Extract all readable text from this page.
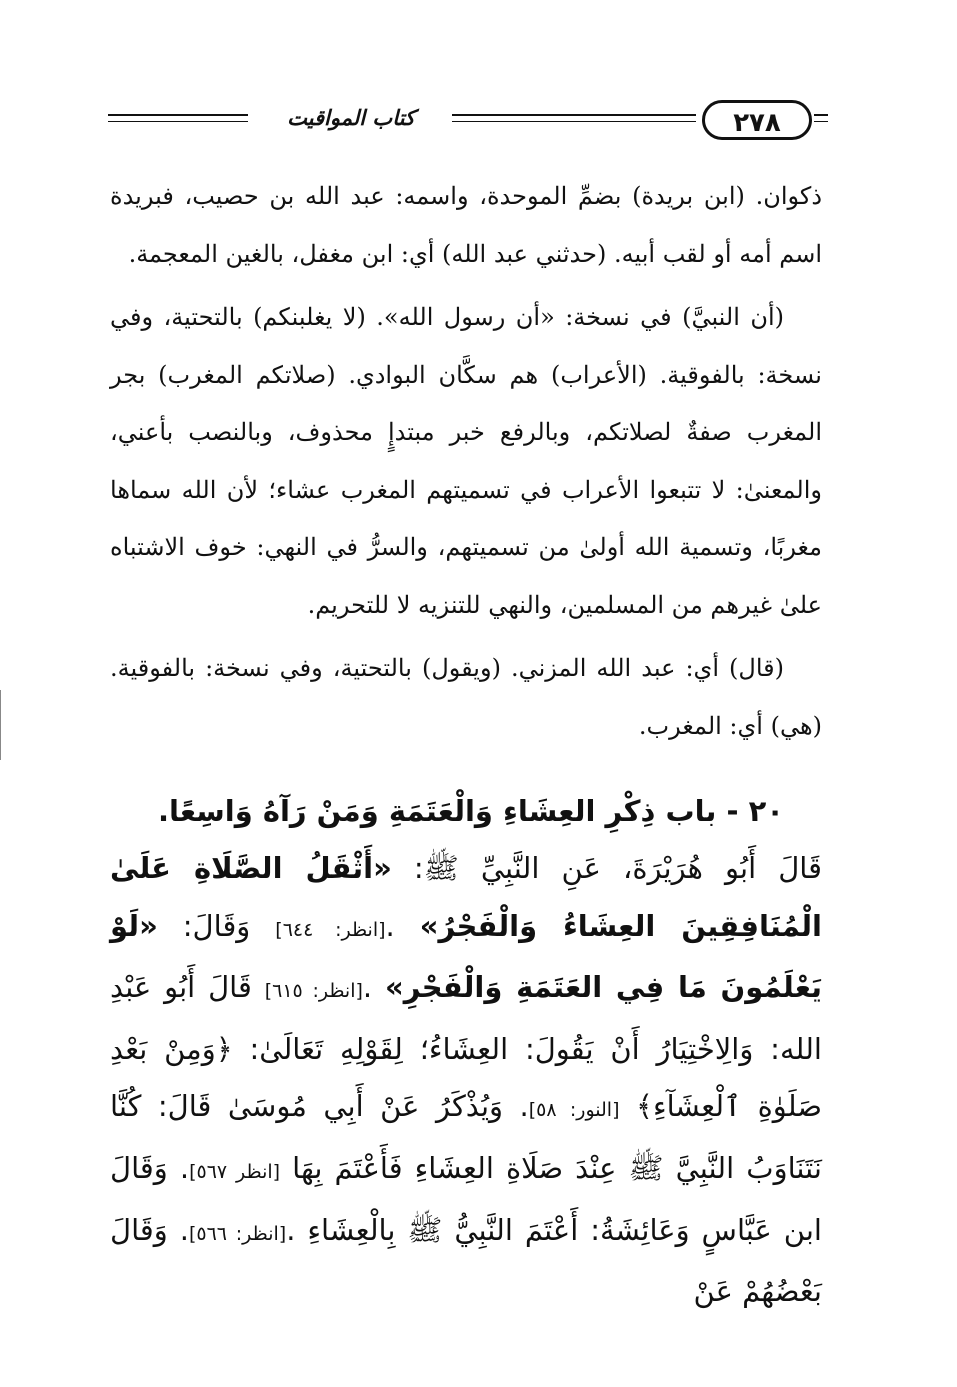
كتاب المواقيت	٢٧٨

ذكوان. (ابن بريدة) بضمِّ الموحدة، واسمه: عبد الله بن حصيب، فبريدة اسم أمه أو لقب أبيه. (حدثني عبد الله) أي: ابن مغفل، بالغين المعجمة.

(أن النبيَّ) في نسخة: «أن رسول الله». (لا يغلبنكم) بالتحتية، وفي نسخة: بالفوقية. (الأعراب) هم سكَّان البوادي. (صلاتكم المغرب) بجر المغرب صفةٌ لصلاتكم، وبالرفع خبر مبتدإٍ محذوف، وبالنصب بأعني، والمعنىٰ: لا تتبعوا الأعراب في تسميتهم المغرب عشاء؛ لأن الله سماها مغربًا، وتسمية الله أولىٰ من تسميتهم، والسرُّ في النهي: خوف الاشتباه علىٰ غيرهم من المسلمين، والنهي للتنزيه لا للتحريم.

(قال) أي: عبد الله المزني. (ويقول) بالتحتية، وفي نسخة: بالفوقية. (هي) أي: المغرب.

٢٠ - باب ذِكْرِ العِشَاءِ وَالْعَتَمَةِ وَمَنْ رَآهُ وَاسِعًا.
قَالَ أَبُو هُرَيْرَةَ، عَنِ النَّبِيِّ ﷺ: «أَثْقَلُ الصَّلَاةِ عَلَىٰ الْمُنَافِقِينَ العِشَاءُ وَالْفَجْرُ» .[انظر: ٦٤٤] وَقَالَ: «لَوْ يَعْلَمُونَ مَا فِي العَتَمَةِ وَالْفَجْرِ» .[انظر: ٦١٥] قَالَ أَبُو عَبْدِ الله: وَالِاخْتِيَارُ أَنْ يَقُولَ: العِشَاءُ؛ لِقَوْلِهِ تَعَالَىٰ: ﴿وَمِنْ بَعْدِ صَلَوٰةِ ٱلْعِشَآءِ﴾ [النور: ٥٨]. وَيُذْكَرُ عَنْ أَبِي مُوسَىٰ قَالَ: كُنَّا نَتَنَاوَبُ النَّبِيَّ ﷺ عِنْدَ صَلَاةِ العِشَاءِ فَأَعْتَمَ بِهَا [انظر ٥٦٧]. وَقَالَ ابن عَبَّاسٍ وَعَائِشَةُ: أَعْتَمَ النَّبِيُّ ﷺ بِالْعِشَاءِ .[انظر: ٥٦٦]. وَقَالَ بَعْضُهُمْ عَنْ
